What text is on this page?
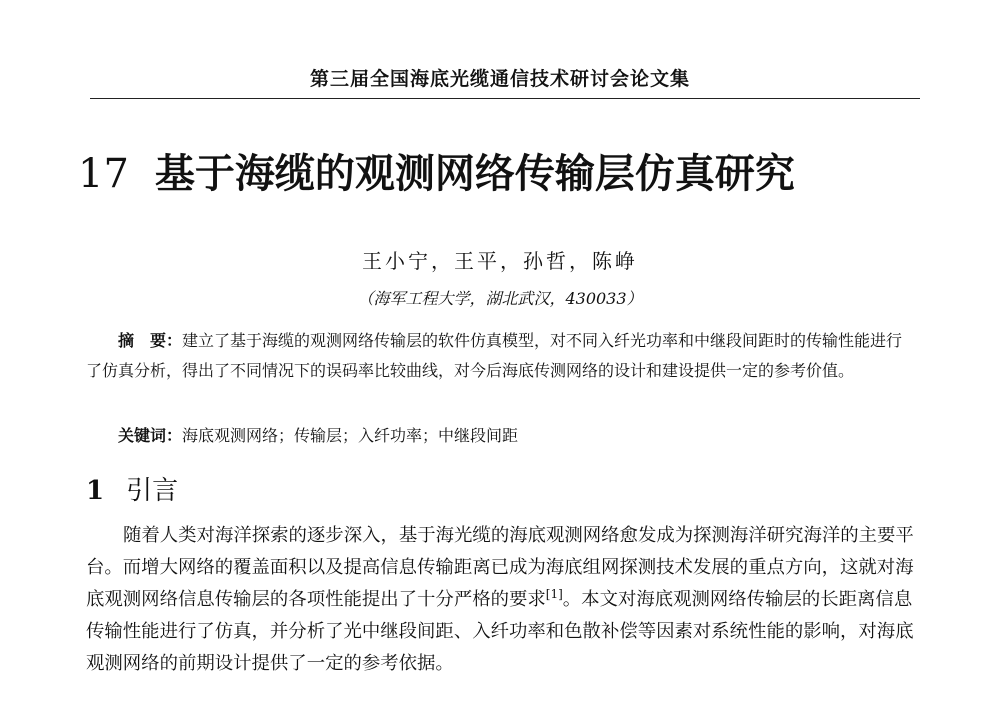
第三届全国海底光缆通信技术研讨会论文集
17 基于海缆的观测网络传输层仿真研究
王小宁，王平，孙哲，陈峥
（海军工程大学，湖北武汉，430033）
摘　要：建立了基于海缆的观测网络传输层的软件仿真模型，对不同入纤光功率和中继段间距时的传输性能进行了仿真分析，得出了不同情况下的误码率比较曲线，对今后海底传测网络的设计和建设提供一定的参考价值。
关键词：海底观测网络；传输层；入纤功率；中继段间距
1 引言
随着人类对海洋探索的逐步深入，基于海光缆的海底观测网络愈发成为探测海洋研究海洋的主要平台。而增大网络的覆盖面积以及提高信息传输距离已成为海底组网探测技术发展的重点方向，这就对海底观测网络信息传输层的各项性能提出了十分严格的要求[1]。本文对海底观测网络传输层的长距离信息传输性能进行了仿真，并分析了光中继段间距、入纤功率和色散补偿等因素对系统性能的影响，对海底观测网络的前期设计提供了一定的参考依据。
